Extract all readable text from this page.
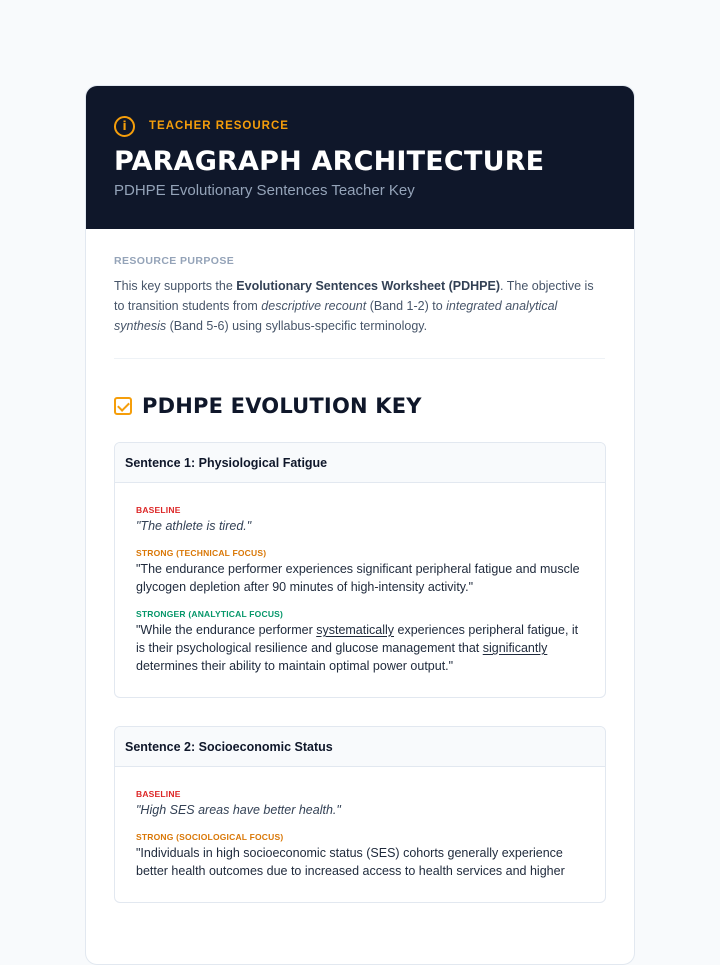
i	TEACHER RESOURCE
PARAGRAPH ARCHITECTURE
PDHPE Evolutionary Sentences Teacher Key
RESOURCE PURPOSE

This key supports the Evolutionary Sentences Worksheet (PDHPE). The objective is to transition students from descriptive recount (Band 1-2) to integrated analytical synthesis (Band 5-6) using syllabus-specific terminology.

PDHPE EVOLUTION KEY
Sentence 1: Physiological Fatigue
BASELINE
"The athlete is tired."
STRONG (TECHNICAL FOCUS)
"The endurance performer experiences significant peripheral fatigue and muscle glycogen depletion after 90 minutes of high-intensity activity."
STRONGER (ANALYTICAL FOCUS)
"While the endurance performer systematically experiences peripheral fatigue, it is their psychological resilience and glucose management that significantly determines their ability to maintain optimal power output."
Sentence 2: Socioeconomic Status
BASELINE
"High SES areas have better health."
STRONG (SOCIOLOGICAL FOCUS)
"Individuals in high socioeconomic status (SES) cohorts generally experience better health outcomes due to increased access to health services and higher
